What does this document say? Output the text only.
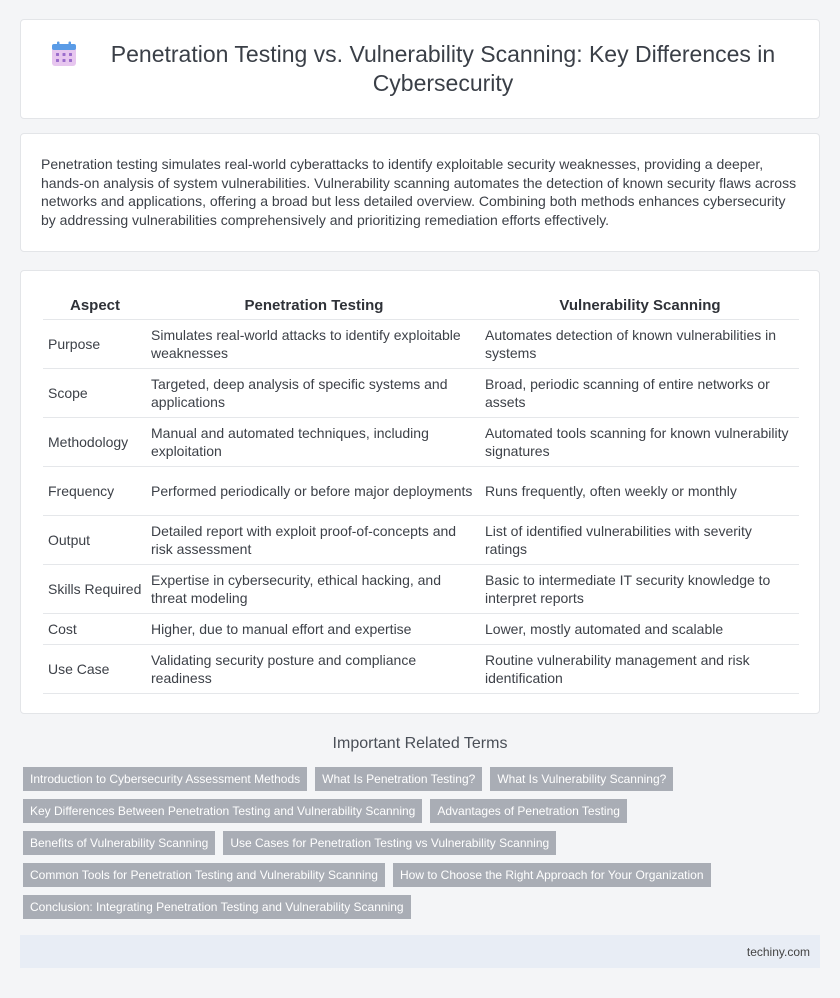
Penetration Testing vs. Vulnerability Scanning: Key Differences in Cybersecurity

Penetration testing simulates real-world cyberattacks to identify exploitable security weaknesses, providing a deeper, hands-on analysis of system vulnerabilities. Vulnerability scanning automates the detection of known security flaws across networks and applications, offering a broad but less detailed overview. Combining both methods enhances cybersecurity by addressing vulnerabilities comprehensively and prioritizing remediation efforts effectively.

Aspect	Penetration Testing	Vulnerability Scanning
Purpose	Simulates real-world attacks to identify exploitable weaknesses	Automates detection of known vulnerabilities in systems
Scope	Targeted, deep analysis of specific systems and applications	Broad, periodic scanning of entire networks or assets
Methodology	Manual and automated techniques, including exploitation	Automated tools scanning for known vulnerability signatures
Frequency	Performed periodically or before major deployments	Runs frequently, often weekly or monthly
Output	Detailed report with exploit proof-of-concepts and risk assessment	List of identified vulnerabilities with severity ratings
Skills Required	Expertise in cybersecurity, ethical hacking, and threat modeling	Basic to intermediate IT security knowledge to interpret reports
Cost	Higher, due to manual effort and expertise	Lower, mostly automated and scalable
Use Case	Validating security posture and compliance readiness	Routine vulnerability management and risk identification
Important Related Terms
Introduction to Cybersecurity Assessment Methods	What Is Penetration Testing?	What Is Vulnerability Scanning?
Key Differences Between Penetration Testing and Vulnerability Scanning	Advantages of Penetration Testing
Benefits of Vulnerability Scanning	Use Cases for Penetration Testing vs Vulnerability Scanning
Common Tools for Penetration Testing and Vulnerability Scanning	How to Choose the Right Approach for Your Organization
Conclusion: Integrating Penetration Testing and Vulnerability Scanning
techiny.com
